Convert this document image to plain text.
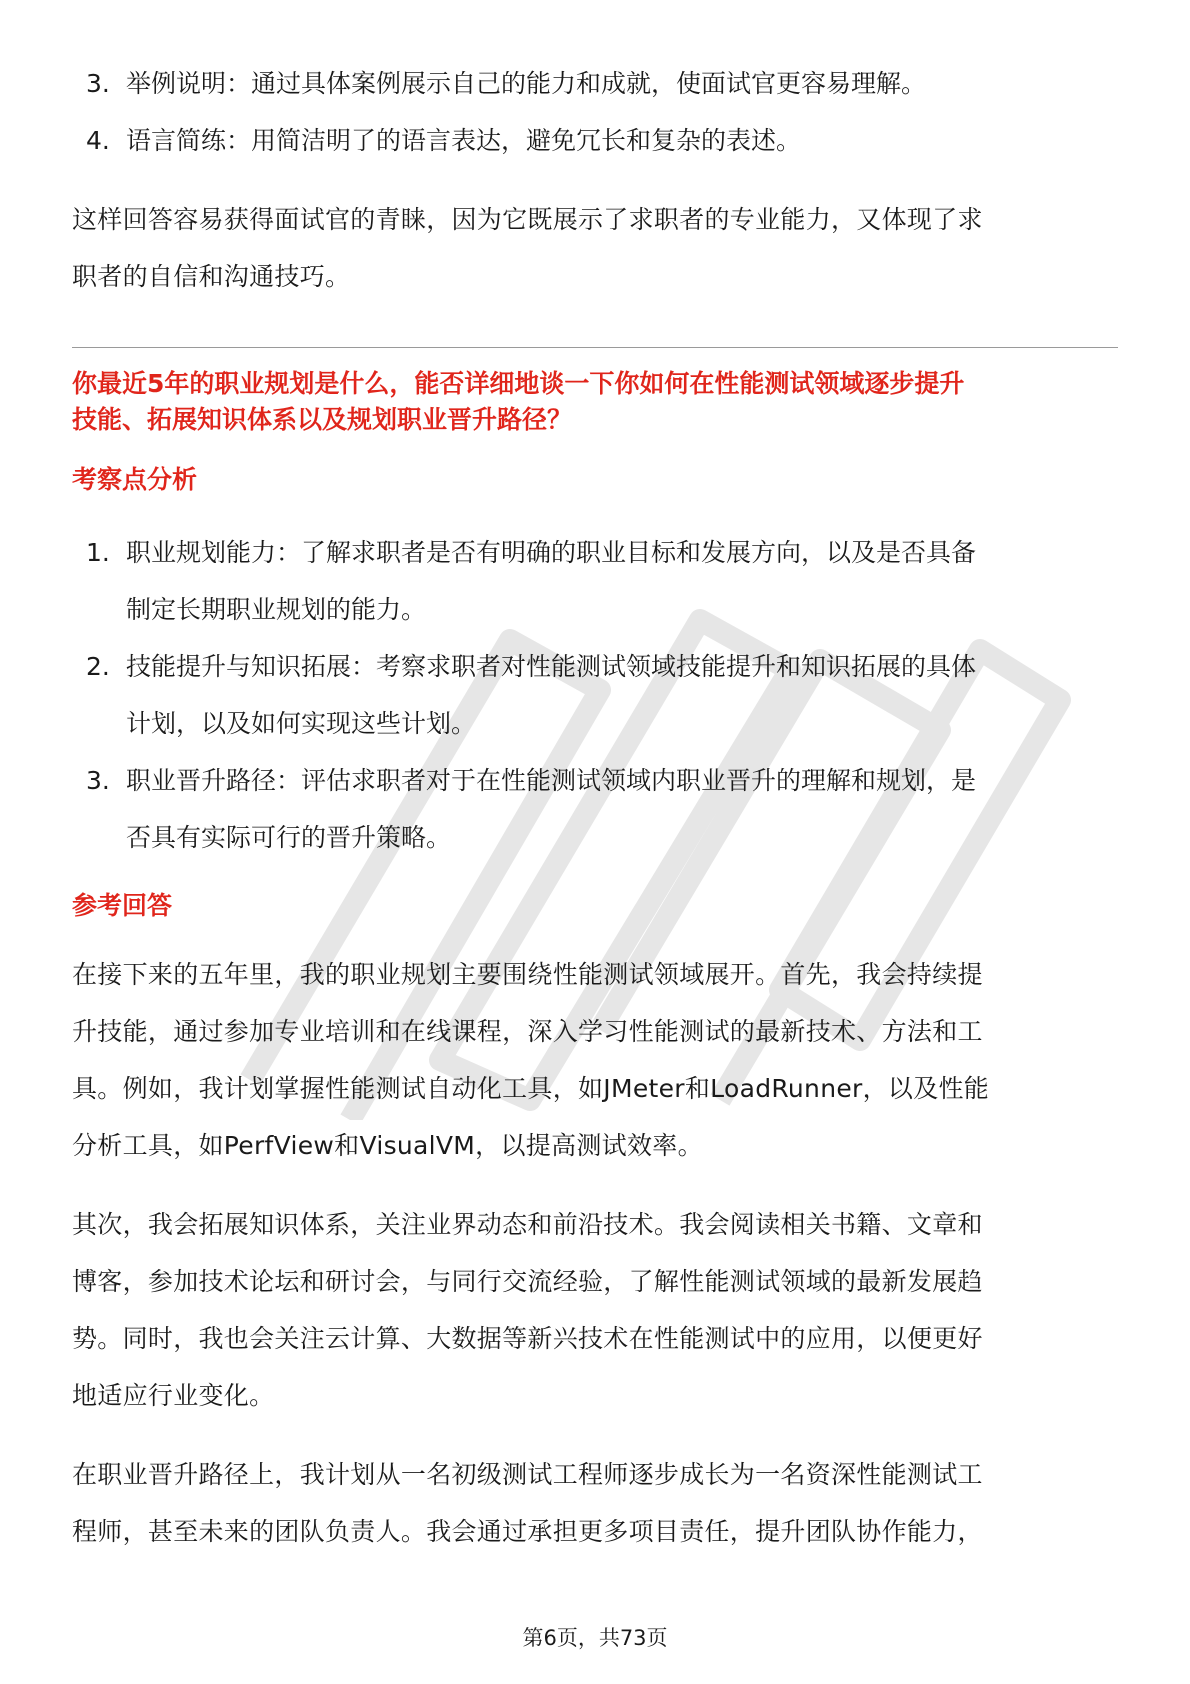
3. 举例说明：通过具体案例展示自己的能力和成就，使面试官更容易理解。
4. 语言简练：用简洁明了的语言表达，避免冗长和复杂的表述。

这样回答容易获得面试官的青睐，因为它既展示了求职者的专业能力，又体现了求
职者的自信和沟通技巧。

你最近5年的职业规划是什么，能否详细地谈一下你如何在性能测试领域逐步提升
技能、拓展知识体系以及规划职业晋升路径？

考察点分析

1. 职业规划能力：了解求职者是否有明确的职业目标和发展方向，以及是否具备
制定长期职业规划的能力。
2. 技能提升与知识拓展：考察求职者对性能测试领域技能提升和知识拓展的具体
计划，以及如何实现这些计划。
3. 职业晋升路径：评估求职者对于在性能测试领域内职业晋升的理解和规划，是
否具有实际可行的晋升策略。

参考回答

在接下来的五年里，我的职业规划主要围绕性能测试领域展开。首先，我会持续提
升技能，通过参加专业培训和在线课程，深入学习性能测试的最新技术、方法和工
具。例如，我计划掌握性能测试自动化工具，如JMeter和LoadRunner，以及性能
分析工具，如PerfView和VisualVM，以提高测试效率。

其次，我会拓展知识体系，关注业界动态和前沿技术。我会阅读相关书籍、文章和
博客，参加技术论坛和研讨会，与同行交流经验，了解性能测试领域的最新发展趋
势。同时，我也会关注云计算、大数据等新兴技术在性能测试中的应用，以便更好
地适应行业变化。

在职业晋升路径上，我计划从一名初级测试工程师逐步成长为一名资深性能测试工
程师，甚至未来的团队负责人。我会通过承担更多项目责任，提升团队协作能力，

第6页，共73页
